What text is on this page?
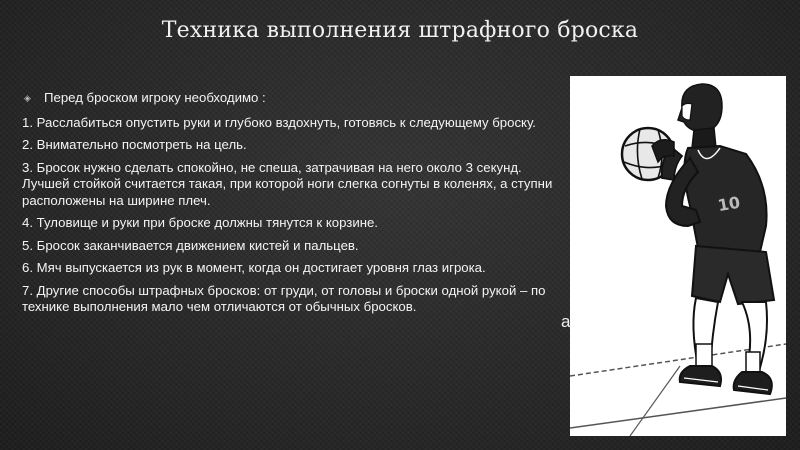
Техника выполнения штрафного броска
◈ Перед броском игроку необходимо :

1. Расслабиться опустить руки и глубоко вздохнуть, готовясь к следующему броску.

2. Внимательно посмотреть на цель.

3. Бросок нужно сделать спокойно, не спеша, затрачивая на него около 3 секунд. Лучшей стойкой считается такая, при которой ноги слегка согнуты в коленях, а ступни расположены на ширине плеч.

4. Туловище и руки при броске должны тянутся к корзине.

5. Бросок заканчивается движением кистей и пальцев.

6. Мяч выпускается из рук в момент, когда он достигает уровня глаз игрока.

7. Другие способы штрафных бросков: от груди, от головы и броски одной рукой – по технике выполнения мало чем отличаются от обычных бросков.

10
а
